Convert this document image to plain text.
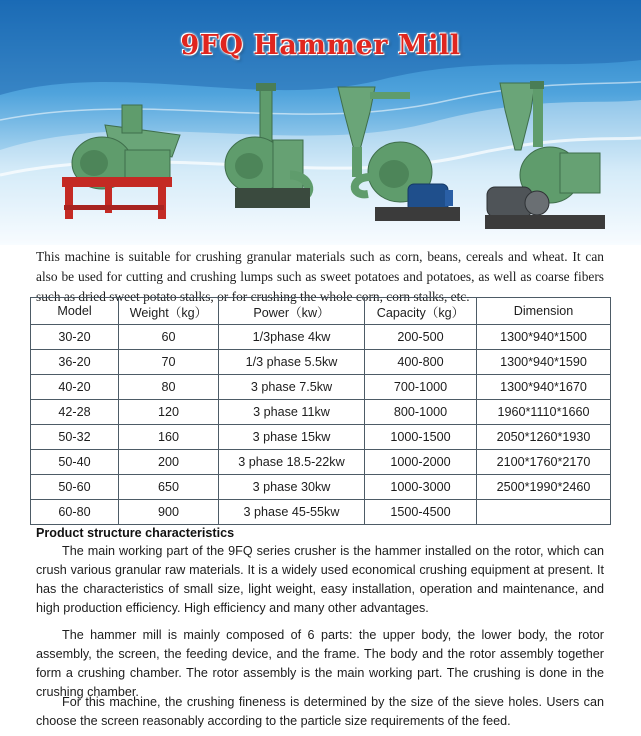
9FQ Hammer Mill
This machine is suitable for crushing granular materials such as corn, beans, cereals and wheat. It can also be used for cutting and crushing lumps such as sweet potatoes and potatoes, as well as coarse fibers such as dried sweet potato stalks, or for crushing the whole corn, corn stalks, etc.
Model	Weight（kg）	Power（kw）	Capacity（kg）	Dimension
30-20	60	1/3phase 4kw	200-500	1300*940*1500
36-20	70	1/3 phase 5.5kw	400-800	1300*940*1590
40-20	80	3 phase 7.5kw	700-1000	1300*940*1670
42-28	120	3 phase 11kw	800-1000	1960*1110*1660
50-32	160	3 phase 15kw	1000-1500	2050*1260*1930
50-40	200	3 phase 18.5-22kw	1000-2000	2100*1760*2170
50-60	650	3 phase 30kw	1000-3000	2500*1990*2460
60-80	900	3 phase 45-55kw	1500-4500	
Product structure characteristics

The main working part of the 9FQ series crusher is the hammer installed on the rotor, which can crush various granular raw materials. It is a widely used economical crushing equipment at present. It has the characteristics of small size, light weight, easy installation, operation and maintenance, and high production efficiency. High efficiency and many other advantages.

The hammer mill is mainly composed of 6 parts: the upper body, the lower body, the rotor assembly, the screen, the feeding device, and the frame. The body and the rotor assembly together form a crushing chamber. The rotor assembly is the main working part. The crushing is done in the crushing chamber.

For this machine, the crushing fineness is determined by the size of the sieve holes. Users can choose the screen reasonably according to the particle size requirements of the feed.
